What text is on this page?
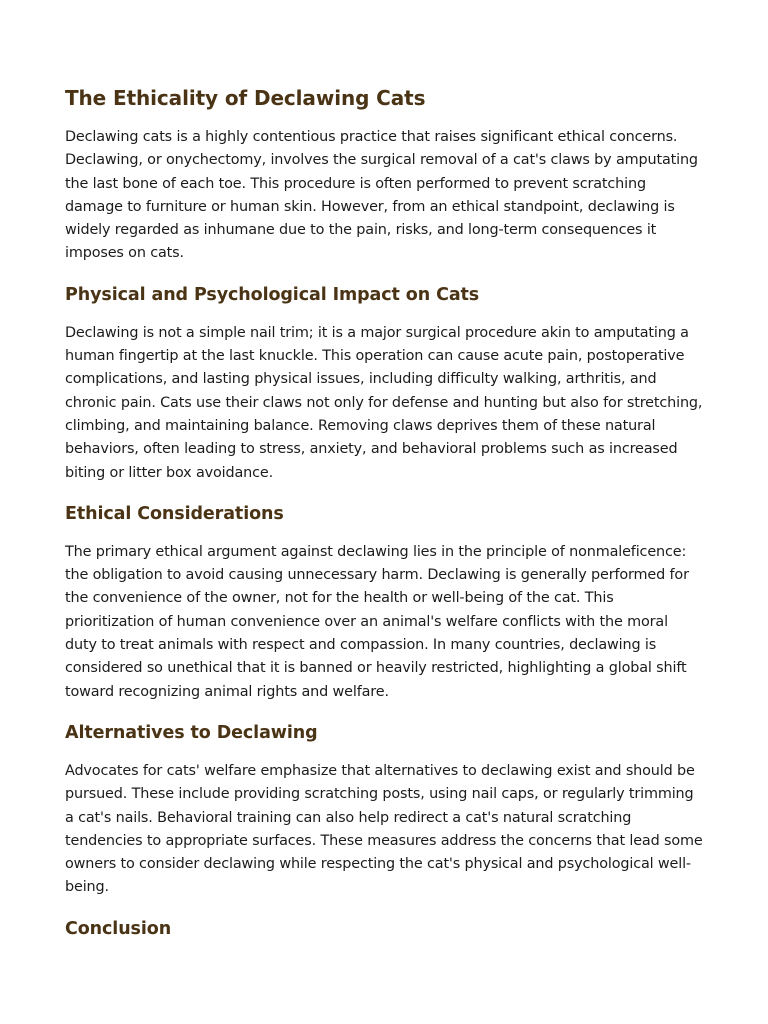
The Ethicality of Declawing Cats

Declawing cats is a highly contentious practice that raises significant ethical concerns. Declawing, or onychectomy, involves the surgical removal of a cat's claws by amputating the last bone of each toe. This procedure is often performed to prevent scratching damage to furniture or human skin. However, from an ethical standpoint, declawing is widely regarded as inhumane due to the pain, risks, and long-term consequences it imposes on cats.

Physical and Psychological Impact on Cats

Declawing is not a simple nail trim; it is a major surgical procedure akin to amputating a human fingertip at the last knuckle. This operation can cause acute pain, postoperative complications, and lasting physical issues, including difficulty walking, arthritis, and chronic pain. Cats use their claws not only for defense and hunting but also for stretching, climbing, and maintaining balance. Removing claws deprives them of these natural behaviors, often leading to stress, anxiety, and behavioral problems such as increased biting or litter box avoidance.

Ethical Considerations

The primary ethical argument against declawing lies in the principle of nonmaleficence: the obligation to avoid causing unnecessary harm. Declawing is generally performed for the convenience of the owner, not for the health or well-being of the cat. This prioritization of human convenience over an animal's welfare conflicts with the moral duty to treat animals with respect and compassion. In many countries, declawing is considered so unethical that it is banned or heavily restricted, highlighting a global shift toward recognizing animal rights and welfare.

Alternatives to Declawing

Advocates for cats' welfare emphasize that alternatives to declawing exist and should be pursued. These include providing scratching posts, using nail caps, or regularly trimming a cat's nails. Behavioral training can also help redirect a cat's natural scratching tendencies to appropriate surfaces. These measures address the concerns that lead some owners to consider declawing while respecting the cat's physical and psychological well-being.

Conclusion
